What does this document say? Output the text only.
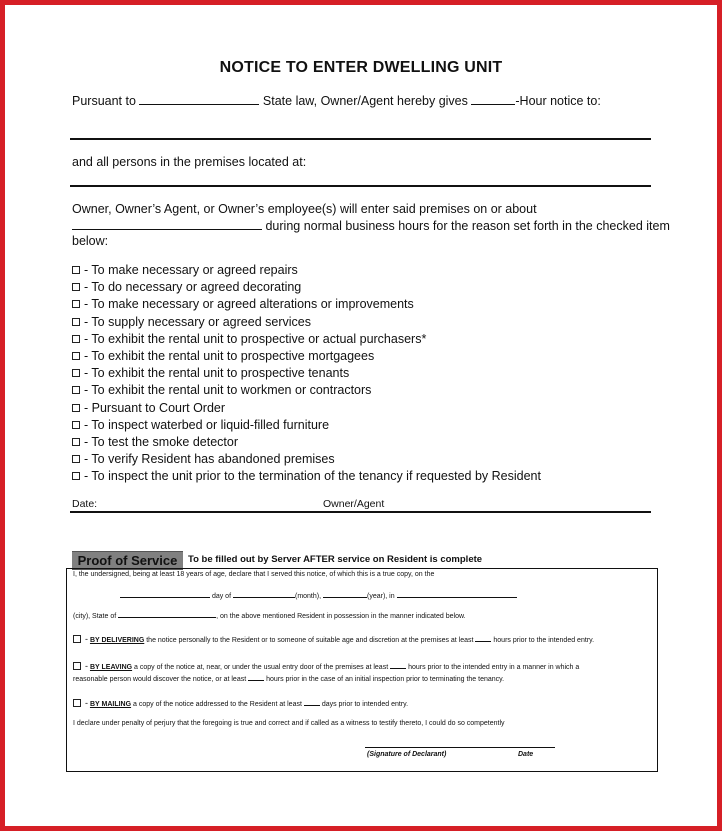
NOTICE TO ENTER DWELLING UNIT
Pursuant to	State law, Owner/Agent hereby gives	-Hour notice to:
and all persons in the premises located at:
Owner, Owner’s Agent, or Owner’s employee(s) will enter said premises on or about
during normal business hours for the reason set forth in the checked item
below:
- To make necessary or agreed repairs
- To do necessary or agreed decorating
- To make necessary or agreed alterations or improvements
- To supply necessary or agreed services
- To exhibit the rental unit to prospective or actual purchasers*
- To exhibit the rental unit to prospective mortgagees
- To exhibit the rental unit to prospective tenants
- To exhibit the rental unit to workmen or contractors
- Pursuant to Court Order
- To inspect waterbed or liquid-filled furniture
- To test the smoke detector
- To verify Resident has abandoned premises
- To inspect the unit prior to the termination of the tenancy if requested by Resident
Date:	Owner/Agent
Proof of Service	To be filled out by Server AFTER service on Resident is complete
I, the undersigned, being at least 18 years of age, declare that I served this notice, of which this is a true copy, on the
day of	(month),	(year), in
(city), State of	, on the above mentioned Resident in possession in the manner indicated below.
- BY DELIVERING the notice personally to the Resident or to someone of suitable age and discretion at the premises at least	hours prior to the intended entry.
- BY LEAVING a copy of the notice at, near, or under the usual entry door of the premises at least	hours prior to the intended entry in a manner in which a
reasonable person would discover the notice, or at least	hours prior in the case of an initial inspection prior to terminating the tenancy.
- BY MAILING a copy of the notice addressed to the Resident at least	days prior to intended entry.
I declare under penalty of perjury that the foregoing is true and correct and if called as a witness to testify thereto, I could do so competently
(Signature of Declarant)	Date
